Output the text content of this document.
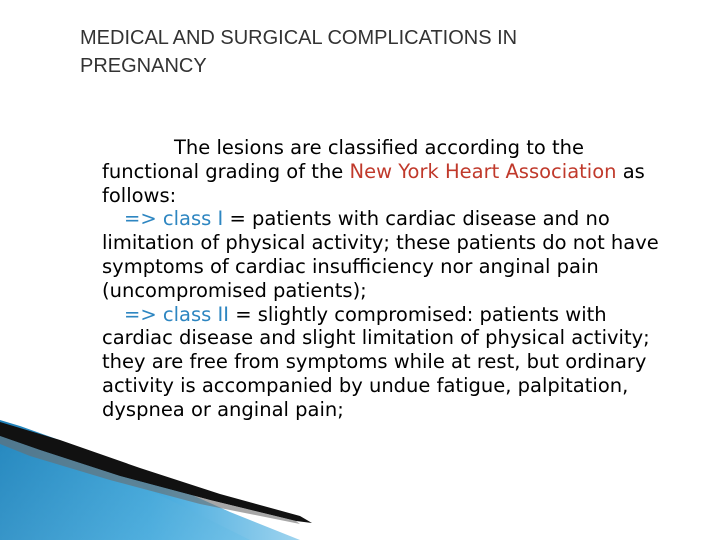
MEDICAL AND SURGICAL COMPLICATIONS IN PREGNANCY

The lesions are classified according to the functional grading of the New York Heart Association as follows:

=> class I = patients with cardiac disease and no limitation of physical activity; these patients do not have symptoms of cardiac insufficiency nor anginal pain (uncompromised patients);

=> class II = slightly compromised: patients with cardiac disease and slight limitation of physical activity; they are free from symptoms while at rest, but ordinary activity is accompanied by undue fatigue, palpitation, dyspnea or anginal pain;
